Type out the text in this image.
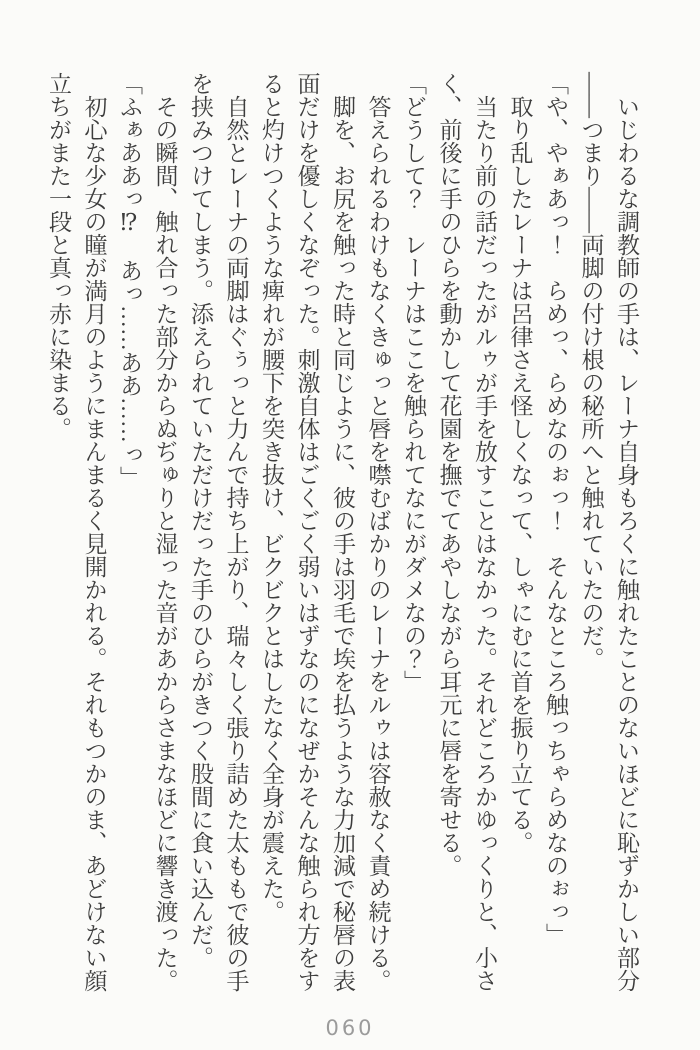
いじわるな調教師の手は、レーナ自身もろくに触れたことのないほどに恥ずかしい部分――つまり――両脚の付け根の秘所へと触れていたのだ。

「や、やぁあっ！　らめっ、らめなのぉっ！　そんなところ触っちゃらめなのぉっ」

取り乱したレーナは呂律さえ怪しくなって、しゃにむに首を振り立てる。

当たり前の話だったがルゥが手を放すことはなかった。それどころかゆっくりと、小さく、前後に手のひらを動かして花園を撫でてあやしながら耳元に唇を寄せる。

「どうして？　レーナはここを触られてなにがダメなの？」

答えられるわけもなくきゅっと唇を噤むばかりのレーナをルゥは容赦なく責め続ける。

脚を、お尻を触った時と同じように、彼の手は羽毛で埃を払うような力加減で秘唇の表面だけを優しくなぞった。刺激自体はごくごく弱いはずなのになぜかそんな触られ方をすると灼けつくような痺れが腰下を突き抜け、ビクビクとはしたなく全身が震えた。

自然とレーナの両脚はぐぅっと力んで持ち上がり、瑞々しく張り詰めた太ももで彼の手を挟みつけてしまう。添えられていただけだった手のひらがきつく股間に食い込んだ。

その瞬間、触れ合った部分からぬぢゅりと湿った音があからさまなほどに響き渡った。

「ふぁああっ⁉　あっ……ああ……っ」

初心な少女の瞳が満月のようにまんまるく見開かれる。それもつかのま、あどけない顔立ちがまた一段と真っ赤に染まる。

060
